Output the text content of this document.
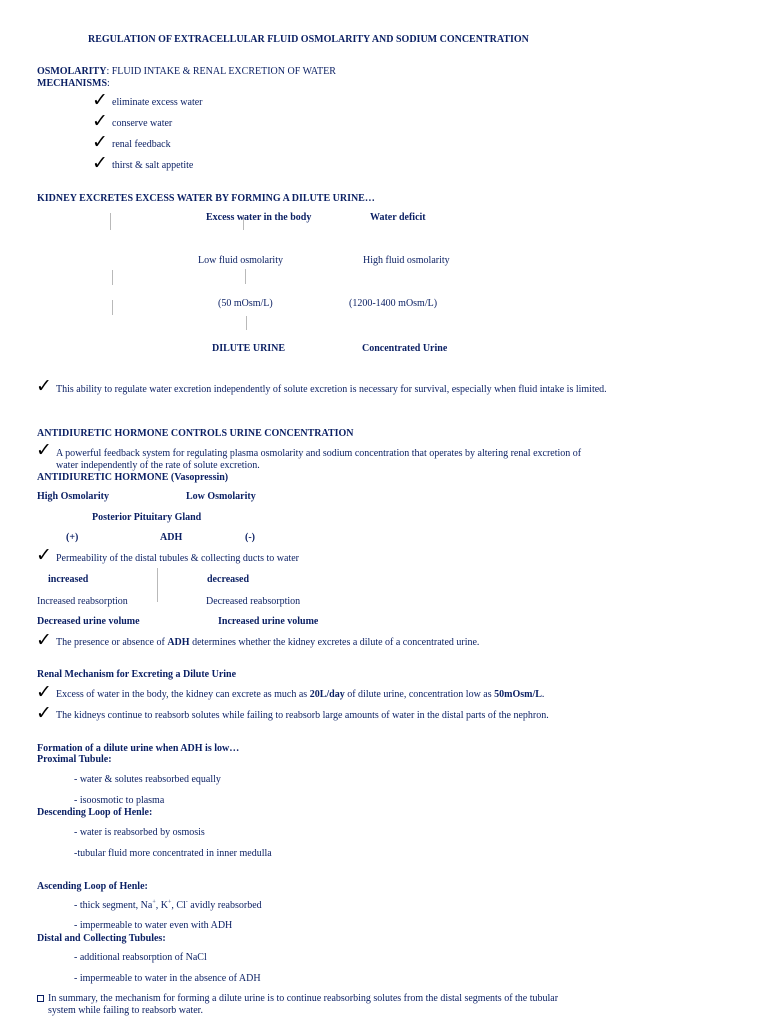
REGULATION OF EXTRACELLULAR FLUID OSMOLARITY AND SODIUM CONCENTRATION
OSMOLARITY: FLUID INTAKE & RENAL EXCRETION OF WATER
MECHANISMS:
✓ eliminate excess water
✓ conserve water
✓ renal feedback
✓ thirst & salt appetite
KIDNEY EXCRETES EXCESS WATER BY FORMING A DILUTE URINE…
Excess water in the body	Water deficit
Low fluid osmolarity	High fluid osmolarity
(50 mOsm/L)	(1200-1400 mOsm/L)
DILUTE URINE	Concentrated Urine
✓ This ability to regulate water excretion independently of solute excretion is necessary for survival, especially when fluid intake is limited.
ANTIDIURETIC HORMONE CONTROLS URINE CONCENTRATION
✓ A powerful feedback system for regulating plasma osmolarity and sodium concentration that operates by altering renal excretion of water independently of the rate of solute excretion.
ANTIDIURETIC HORMONE (Vasopressin)
High Osmolarity	Low Osmolarity
Posterior Pituitary Gland
(+)	ADH	(-)
✓ Permeability of the distal tubules & collecting ducts to water
increased	decreased
Increased reabsorption	Decreased reabsorption
Decreased urine volume	Increased urine volume
✓ The presence or absence of ADH determines whether the kidney excretes a dilute of a concentrated urine.
Renal Mechanism for Excreting a Dilute Urine
✓ Excess of water in the body, the kidney can excrete as much as 20L/day of dilute urine, concentration low as 50mOsm/L.
✓ The kidneys continue to reabsorb solutes while failing to reabsorb large amounts of water in the distal parts of the nephron.
Formation of a dilute urine when ADH is low…
Proximal Tubule:
- water & solutes reabsorbed equally
- isoosmotic to plasma
Descending Loop of Henle:
- water is reabsorbed by osmosis
-tubular fluid more concentrated in inner medulla
Ascending Loop of Henle:
- thick segment, Na+, K+, Cl- avidly reabsorbed
- impermeable to water even with ADH
Distal and Collecting Tubules:
- additional reabsorption of NaCl
- impermeable to water in the absence of ADH
In summary, the mechanism for forming a dilute urine is to continue reabsorbing solutes from the distal segments of the tubular system while failing to reabsorb water.
